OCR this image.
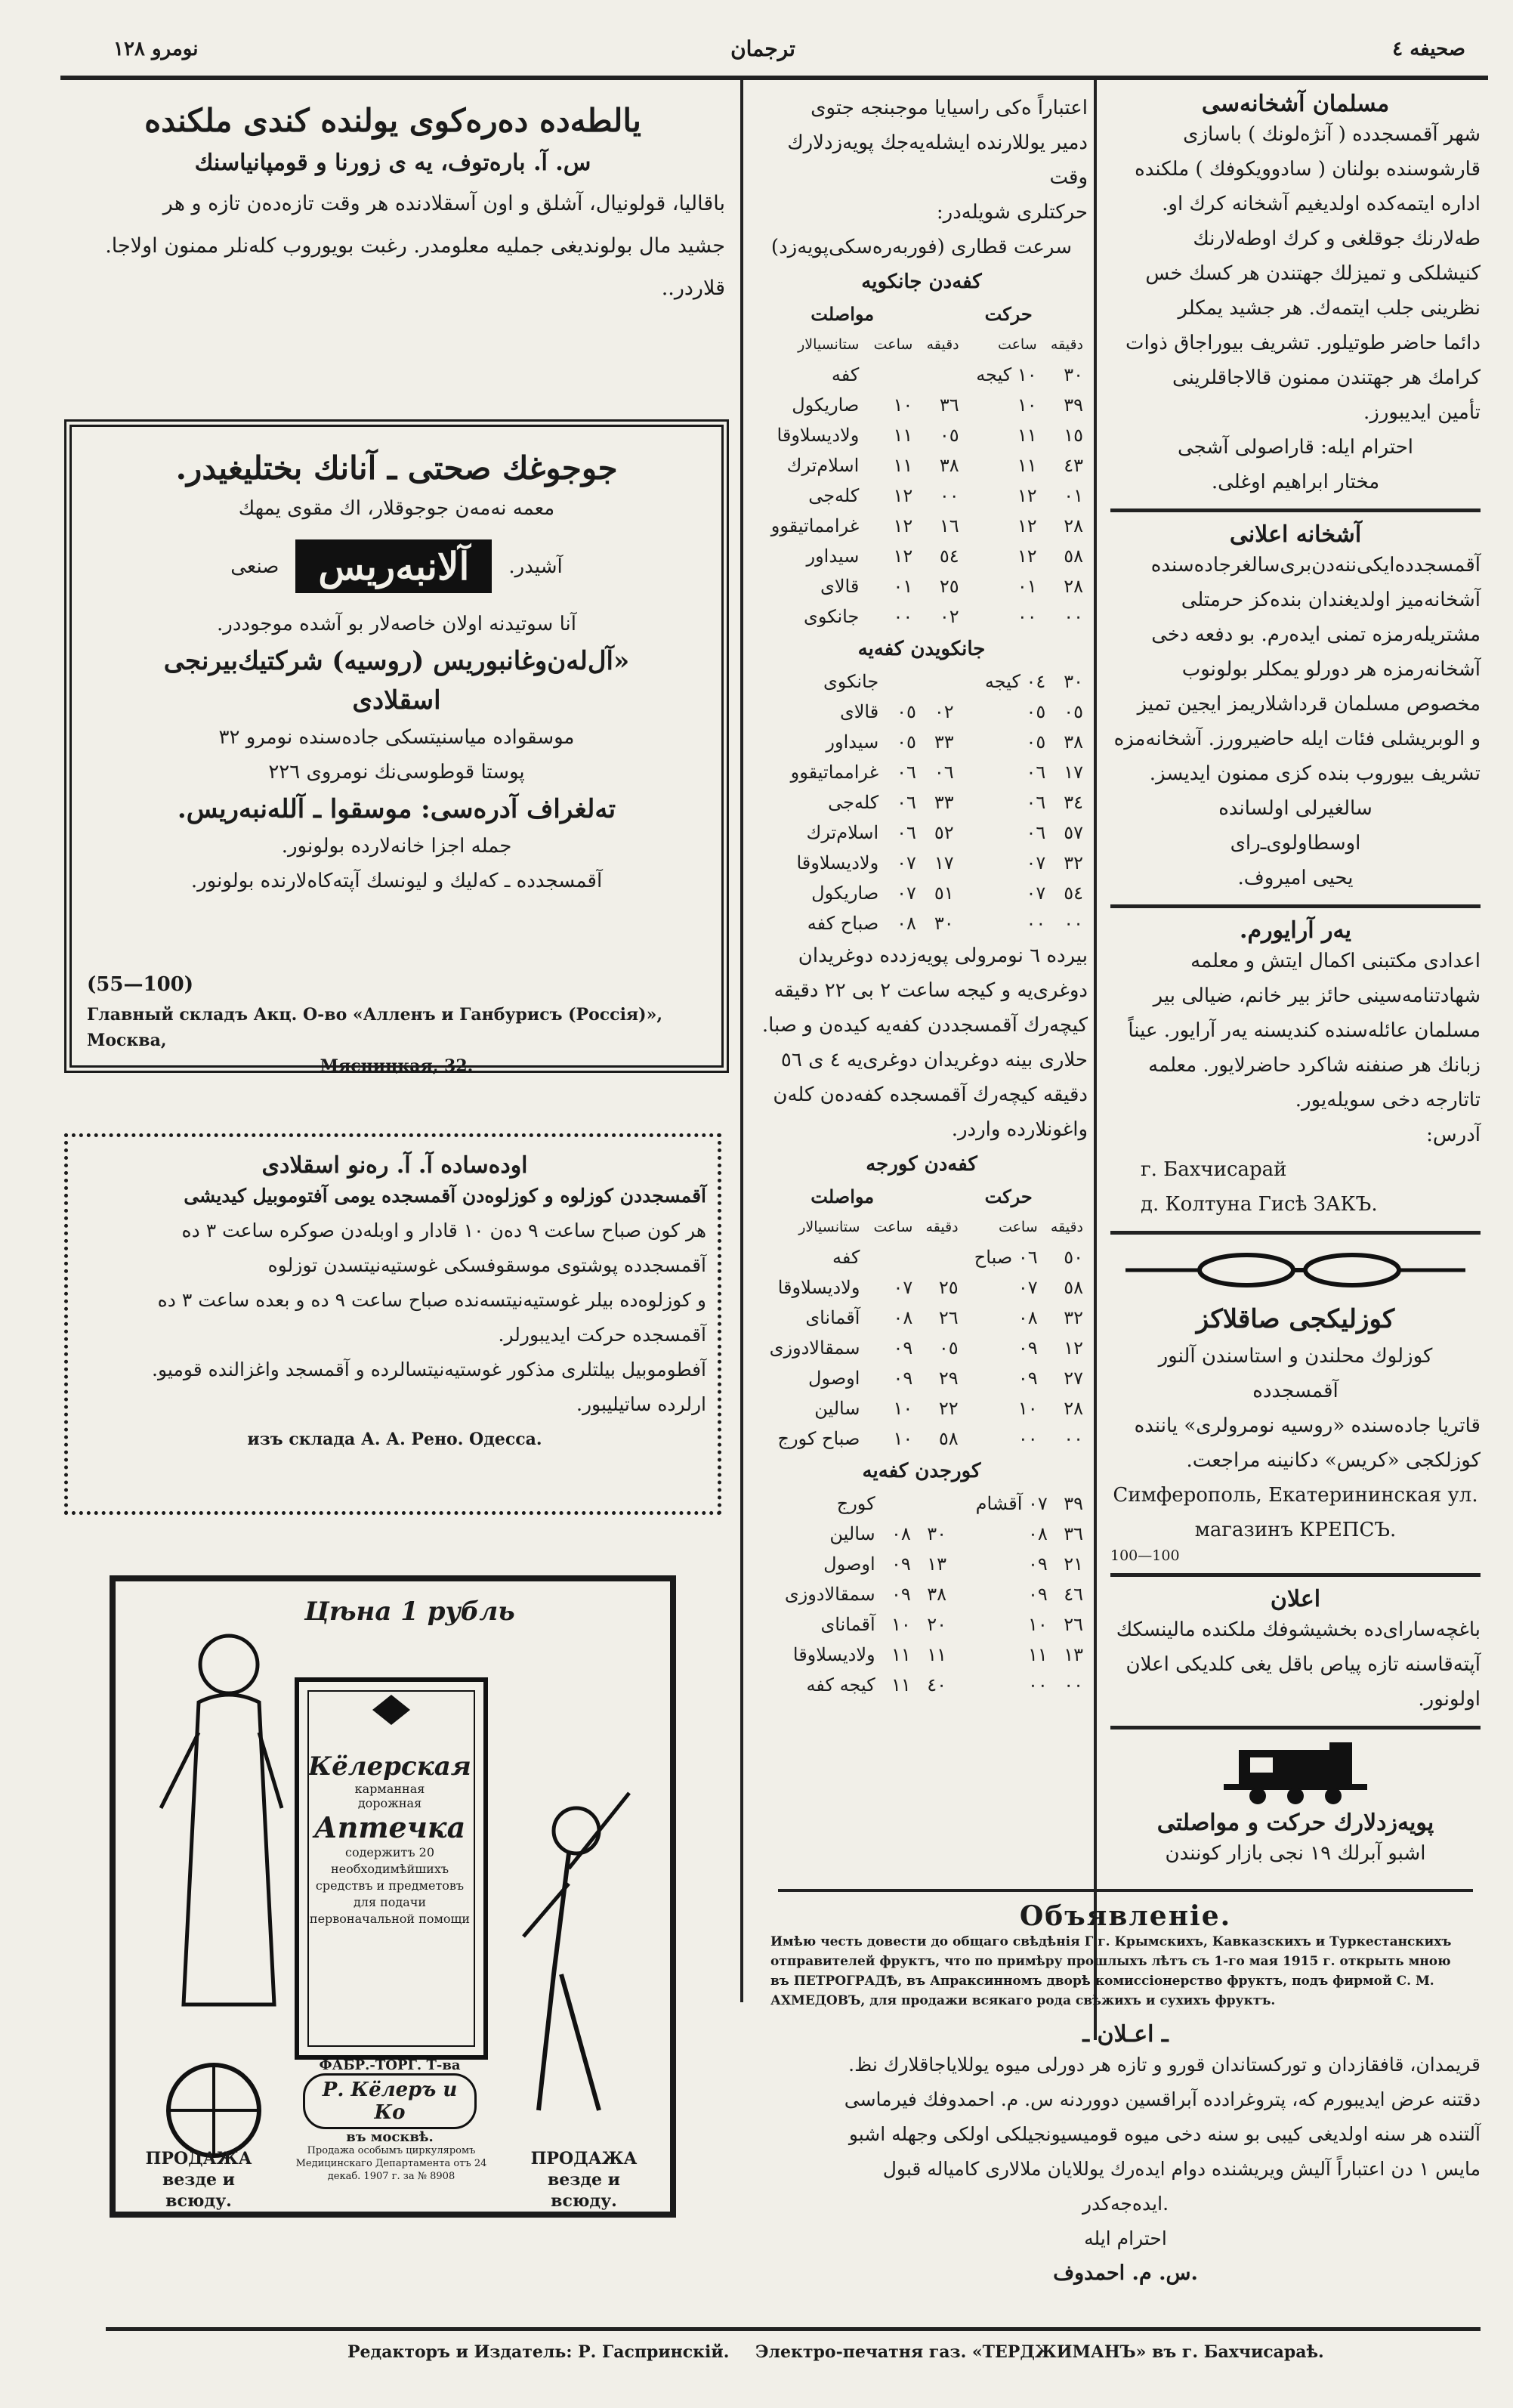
صحيفه ٤
ترجمان
نومرو ١٢٨
مسلمان آشخانه‌سی
شهر آقمسجدده ( آنژه‌لونك ) باسازی
قارشوسنده بولنان ( سادوویکوفك ) ملکنده
اداره ایتمه‌کده اولدیغیم آشخانه کرك او.
طه‌لارنك جوقلغی و کرك اوطه‌لارنك
کنیشلکی و تمیزلك جهتندن هر کسك خس
نظرینی جلب ایتمه‌ك. هر جشید یمکلر
دائما حاضر طوتیلور. تشریف بیوراجاق ذوات
کرامك هر جهتندن ممنون قالاجاقلرینی
تأمین ایدیبورز.
احترام ایله: قاراصولی آشجی
مختار ابراهیم اوغلی.
آشخانه اعلانی
آقمسجدده‌ایکی‌ننه‌دن‌بری‌سالغر‌جاده‌سنده
آشخانه‌میز اولدیغندان بنده‌کز حرمتلی
مشتریله‌رمزه تمنی ایده‌رم. بو دفعه دخی
آشخانه‌رمزه هر دورلو یمکلر بولونوب
مخصوص مسلمان قرداشلاریمز ایجین تمیز
و الوبریشلی فئات ایله حاضیرورز. آشخانه‌مزه
تشریف بیوروب بنده کزی ممنون ایدیسز.
سالغیرلی اولسانده
اوسطاولوی‌ـ‌رای
یحیی امیروف.
یه‌ر آرایورم.
اعدادی مکتبنی اکمال ایتش و معلمه
شهادتنامه‌سینی حائز بیر خانم، ضیالی بیر
مسلمان عائله‌سنده کندیسنه یه‌ر آرایور. عیناً
زبانك هر صنفنه شاکرد حاضرلایور. معلمه
تاتارجه دخی سویله‌یور.
آدرس:
г. Бахчисарай
д. Колтуна Гисѣ ЗАКЪ.
کوزلیکجی صاقلاکز
کوزلوك محلندن و استاسندن آلنور
آقمسجدده
قاتریا جاده‌سنده «روسیه نومرولری» یاننده
کوزلکجی «کریس» دکانینه مراجعت.
Симферополь, Екатерининская ул.
магазинъ КРЕПСЪ.
100—100
اعلان
باغچه‌سارای‌ده بخشیشوفك ملکنده مالینسکك
آپته‌قاسنه تازه پیاص باقل یغی کلدیکی اعلان
اولونور.
پویه‌زدلارك حرکت و مواصلتی
اشبو آبرلك ١٩ نجی بازار کونندن
اعتباراً ‌ه‌کی راسیایا موجبنجه جتوی
دمیر یوللارنده ایشله‌یه‌جك پویه‌زدلارك وقت
حرکتلری شویله‌در:
سرعت قطاری (فوربه‌ره‌سکی‌پویه‌زد)
کفه‌دن جانکویه
حرکت
مواصلت
دقیقه	ساعت	دقیقه	ساعت	ستانسیالار
٣٠	١٠ کیجه			کفه
٣٩	١٠	٣٦	١٠	صاریکول
١٥	١١	٠٥	١١	ولادیسلاوقا
٤٣	١١	٣٨	١١	اسلام‌ترك
٠١	١٢	٠٠	١٢	کله‌جی
٢٨	١٢	١٦	١٢	غرامماتیقوو
٥٨	١٢	٥٤	١٢	سیداور
٢٨	٠١	٢٥	٠١	قالای
٠٠	٠٠	٠٢	٠٠	جانکوی
جانکویدن کفه‌یه
٣٠	٠٤ کیجه			جانکوی
٠٥	٠٥	٠٢	٠٥	قالای
٣٨	٠٥	٣٣	٠٥	سیداور
١٧	٠٦	٠٦	٠٦	غرامماتیقوو
٣٤	٠٦	٣٣	٠٦	کله‌جی
٥٧	٠٦	٥٢	٠٦	اسلام‌ترك
٣٢	٠٧	١٧	٠٧	ولادیسلاوقا
٥٤	٠٧	٥١	٠٧	صاریکول
٠٠	٠٠	٣٠	٠٨	صباح کفه
بیرده ٦ نومرولی پویه‌زدده دوغریدان
دوغری‌یه و کیجه ساعت ٢ بی ٢٢ دقیقه
کیچه‌رك آقمسجددن کفه‌یه کیده‌ن و صبا.
حلاری بینه دوغریدان دوغری‌یه ٤ ی ٥٦
دقیقه کیچه‌رك آقمسجده کفه‌ده‌ن کلەن
واغونلارده واردر.
کفه‌دن کورجه
حرکت
مواصلت
دقیقه	ساعت	دقیقه	ساعت	ستانسیالار
٥٠	٠٦ صباح			کفه
٥٨	٠٧	٢٥	٠٧	ولادیسلاوقا
٣٢	٠٨	٢٦	٠٨	آقمانای
١٢	٠٩	٠٥	٠٩	سمقالادوزی
٢٧	٠٩	٢٩	٠٩	اوصول
٢٨	١٠	٢٢	١٠	سالین
٠٠	٠٠	٥٨	١٠	صباح کورج
کورجدن کفه‌یه
٣٩	٠٧ آقشام			کورج
٣٦	٠٨	٣٠	٠٨	سالین
٢١	٠٩	١٣	٠٩	اوصول
٤٦	٠٩	٣٨	٠٩	سمقالادوزی
٢٦	١٠	٢٠	١٠	آقمانای
١٣	١١	١١	١١	ولادیسلاوقا
٠٠	٠٠	٤٠	١١	کیجه کفه
یالطه‌ده ده‌ره‌کوی یولنده کندی ملکنده
س. آ. باره‌توف، یه ی زورنا و قومپانیاسنك
باقالیا، قولونیال، آشلق و اون آسقلادنده هر وقت تازه‌ده‌ن تازه و هر
جشید مال بولوندیغی جملیه معلومدر. رغبت بویوروب کله‌نلر ممنون اولاجا.
قلاردر..
جوجوغك صحتی ـ آنانك بختلیغیدر.
معمه نه‌مه‌ن جوجوقلار، اك مقوی یمهك
آشیدر.
آلانبه‌ریس
صنعی
آنا سوتیدنه اولان خاصه‌لار بو آشده موجوددر.
«آل‌له‌ن‌وغانبوریس (روسیه) شرکتیك‌بیرنجی
اسقلادی
موسقواده میاسنیتسکی جاده‌سنده نومرو ٣٢
پوستا قوطوسی‌نك نومروی ٢٢٦
ته‌لغراف آدره‌سی: موسقوا ـ آلله‌نبه‌ریس.
جمله اجزا خانه‌لارده بولونور.
آقمسجدده ـ کەلیك و لیونسك آپته‌کاه‌لارنده بولونور.
(55—100)
Главный складъ Акц. О-во «Алленъ и Ганбурисъ (Россія)», Москва,
Мясницкая, 32.
اوده‌ساده آ. آ. ره‌نو اسقلادی
آقمسجددن کوزلوه و کوزلوه‌دن آقمسجده یومی آفتوموبیل کیدیشی
هر کون صباح ساعت ٩ دەن ١٠ قادار و اوبله‌دن صوکره ساعت ٣ ده
آقمسجدده پوشتوی موسقوفسکی غوستیه‌نیتسدن توزلوه
و کوزلوه‌ده بیلر غوستیه‌نیتسه‌نده صباح ساعت ٩ ده و بعده ساعت ٣ ده
آقمسجده حرکت ایدیبورلر.
آفطوموبیل بیلتلری مذکور غوستیه‌نیتسالرده و آقمسجد واغزالنده قومیو.
ارلرده ساتیلیبور.
изъ склада А. А. Рено. Одесса.
Цѣна 1 рубль
Кёлерская
карманная
дорожная
Аптечка
содержитъ 20 необходимѣйшихъ средствъ и предметовъ для подачи первоначальной помощи
ФАБР.-ТОРГ. Т-ва
Р. Кёлеръ и Ко
въ москвѣ.
Продажа особымъ циркуляромъ Медицинскаго Департамента отъ 24 декаб. 1907 г. за № 8908
ПРОДАЖА везде и всюду.
ПРОДАЖА везде и всюду.
Объявленіе.
Имѣю честь довести до общаго свѣдѣнія Г г. Крымскихъ, Кавказскихъ и Туркестанскихъ
отправителей фруктъ, что по примѣру прошлыхъ лѣтъ съ 1-го мая 1915 г. открыть мною
въ ПЕТРОГРАДѢ, въ Апраксинномъ дворѣ комиссіонерство фруктъ, подъ фирмой С. М.
АХМЕДОВЪ, для продажи всякаго рода свѣжихъ и сухихъ фруктъ.
ـ اعـلان ـ
قریمدان، قافقازدان و تورکستاندان قورو و تازه هر دورلی میوه یوللایاجاقلارك نظ.
دقتنه عرض ایدیبورم که، پتروغرادده آبراقسین دووردنه س. م. احمدوفك فیرماسی
آلتنده هر سنه اولدیغی کیبی بو سنه دخی میوه قومیسیونجیلکی اولکی وجهله اشبو
مایس ١ دن اعتباراً آلیش ویریشنده دوام ایده‌رك یوللایان ملالاری کامیاله قبول
ایده‌جه‌کدر.
احترام ایله
س. م. احمدوف.
Редакторъ и Издатель: Р. Гаспринскій. Электро-печатня газ. «ТЕРДЖИМАНЪ» въ г. Бахчисараѣ.
